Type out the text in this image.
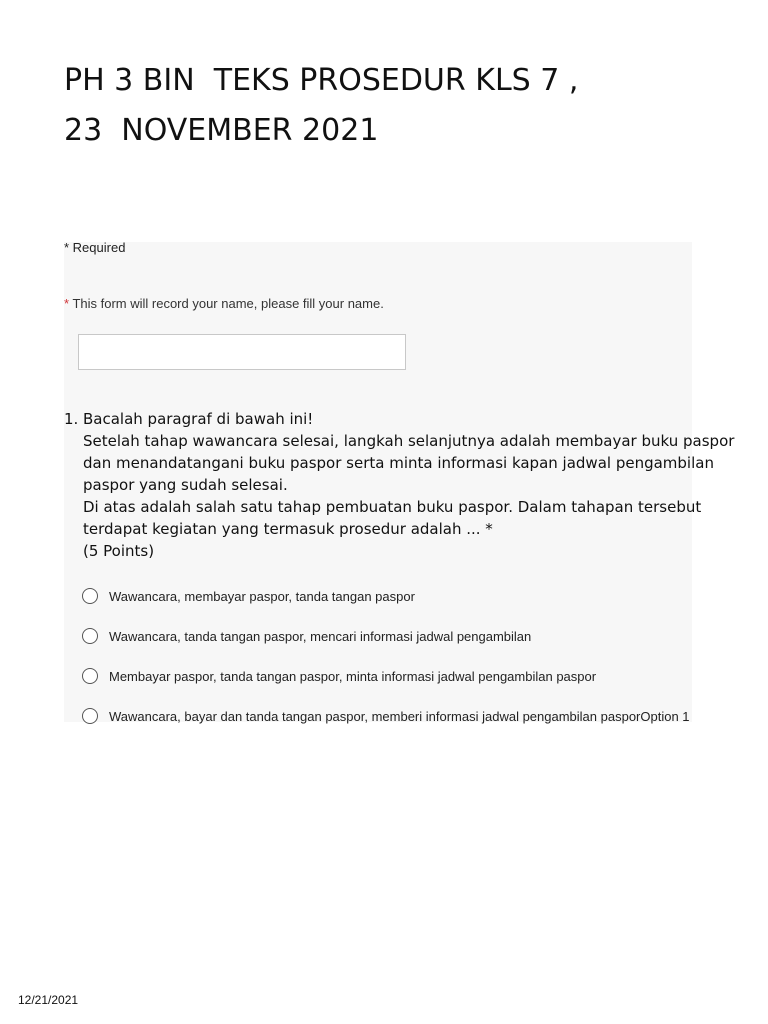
PH 3 BIN  TEKS PROSEDUR KLS 7 ,
23  NOVEMBER 2021
* Required
* This form will record your name, please fill your name.
1. Bacalah paragraf di bawah ini!
Setelah tahap wawancara selesai, langkah selanjutnya adalah membayar buku paspor
dan menandatangani buku paspor serta minta informasi kapan jadwal pengambilan
paspor yang sudah selesai.
Di atas adalah salah satu tahap pembuatan buku paspor. Dalam tahapan tersebut
terdapat kegiatan yang termasuk prosedur adalah ... *
(5 Points)
Wawancara, membayar paspor, tanda tangan paspor
Wawancara, tanda tangan paspor, mencari informasi jadwal pengambilan
Membayar paspor, tanda tangan paspor, minta informasi jadwal pengambilan paspor
Wawancara, bayar dan tanda tangan paspor, memberi informasi jadwal pengambilan pasporOption 1
12/21/2021
